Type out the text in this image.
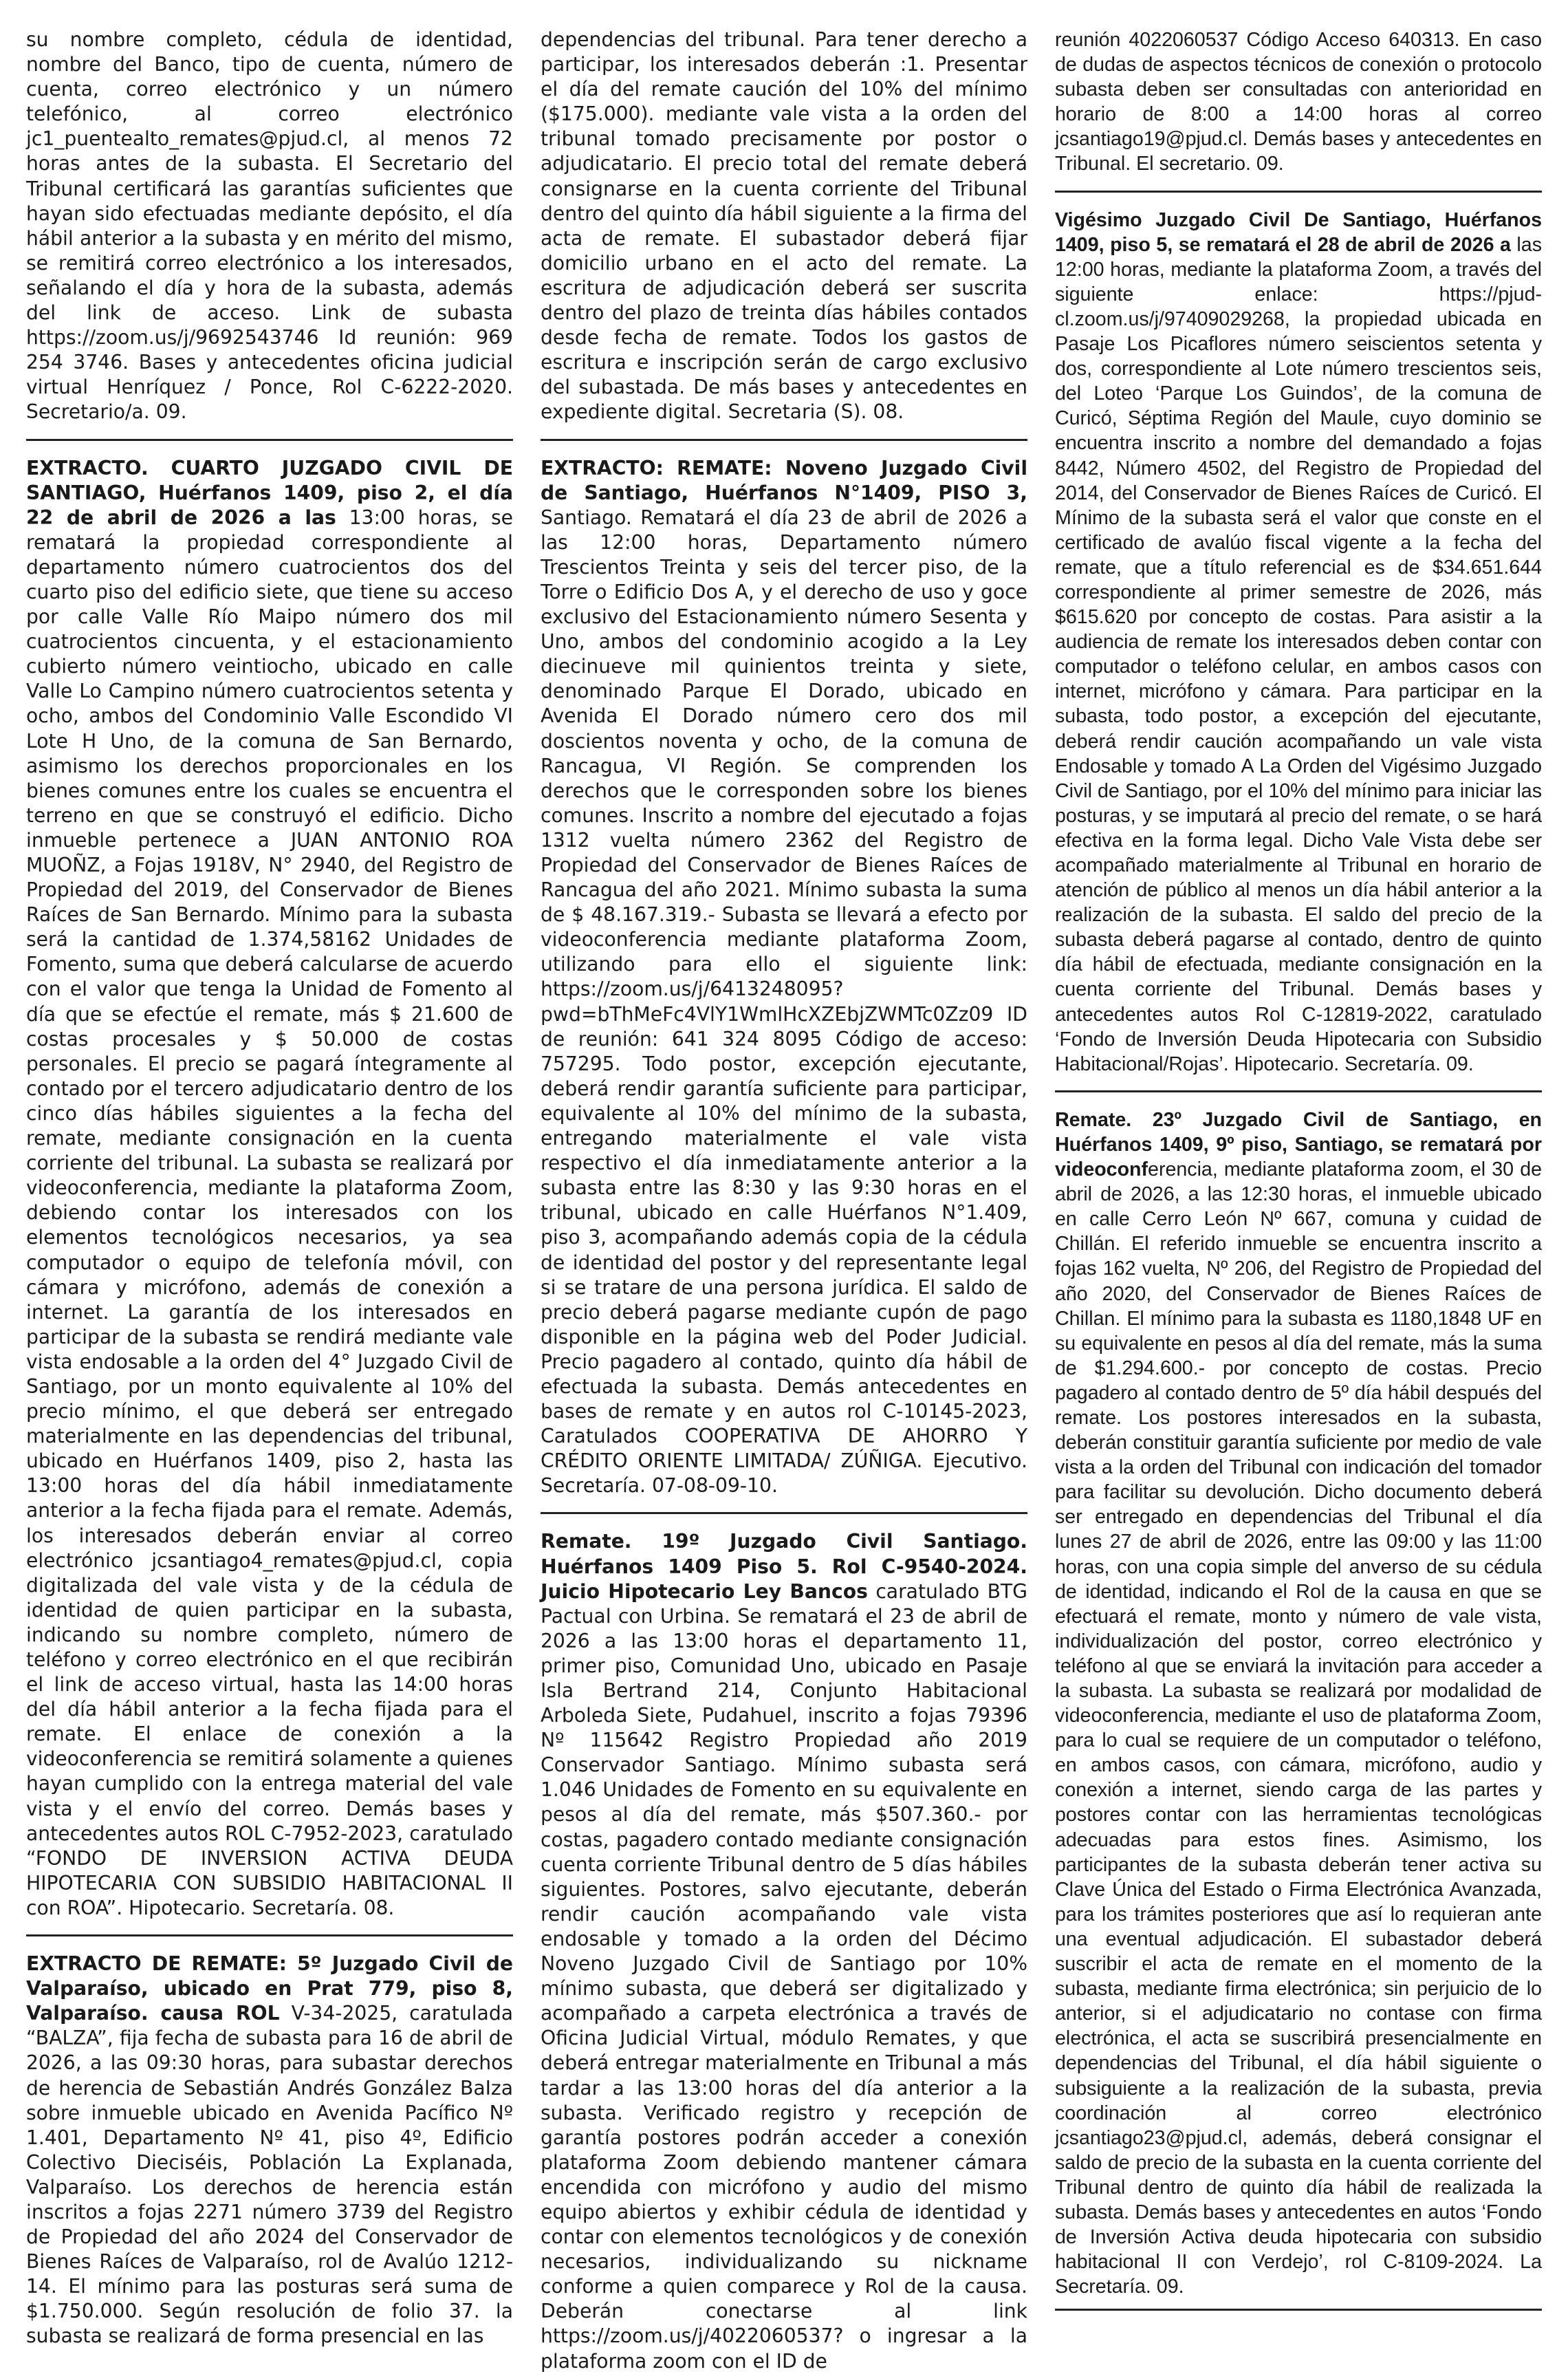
su nombre completo, cédula de identidad, nombre del Banco, tipo de cuenta, número de cuenta, correo electrónico y un número telefónico, al correo electrónico jc1_puentealto_remates@pjud.cl, al menos 72 horas antes de la subasta. El Secretario del Tribunal certificará las garantías suficientes que hayan sido efectuadas mediante depósito, el día hábil anterior a la subasta y en mérito del mismo, se remitirá correo electrónico a los interesados, señalando el día y hora de la subasta, además del link de acceso. Link de subasta https://zoom.us/j/9692543746 Id reunión: 969 254 3746. Bases y antecedentes oficina judicial virtual Henríquez / Ponce, Rol C-6222-2020. Secretario/a. 09.

EXTRACTO. CUARTO JUZGADO CIVIL DE SANTIAGO, Huérfanos 1409, piso 2, el día 22 de abril de 2026 a las 13:00 horas, se rematará la propiedad correspondiente al departamento número cuatrocientos dos del cuarto piso del edificio siete, que tiene su acceso por calle Valle Río Maipo número dos mil cuatrocientos cincuenta, y el estacionamiento cubierto número veintiocho, ubicado en calle Valle Lo Campino número cuatrocientos setenta y ocho, ambos del Condominio Valle Escondido VI Lote H Uno, de la comuna de San Bernardo, asimismo los derechos proporcionales en los bienes comunes entre los cuales se encuentra el terreno en que se construyó el edificio. Dicho inmueble pertenece a JUAN ANTONIO ROA MUOÑZ, a Fojas 1918V, N° 2940, del Registro de Propiedad del 2019, del Conservador de Bienes Raíces de San Bernardo. Mínimo para la subasta será la cantidad de 1.374,58162 Unidades de Fomento, suma que deberá calcularse de acuerdo con el valor que tenga la Unidad de Fomento al día que se efectúe el remate, más $ 21.600 de costas procesales y $ 50.000 de costas personales. El precio se pagará íntegramente al contado por el tercero adjudicatario dentro de los cinco días hábiles siguientes a la fecha del remate, mediante consignación en la cuenta corriente del tribunal. La subasta se realizará por videoconferencia, mediante la plataforma Zoom, debiendo contar los interesados con los elementos tecnológicos necesarios, ya sea computador o equipo de telefonía móvil, con cámara y micrófono, además de conexión a internet. La garantía de los interesados en participar de la subasta se rendirá mediante vale vista endosable a la orden del 4° Juzgado Civil de Santiago, por un monto equivalente al 10% del precio mínimo, el que deberá ser entregado materialmente en las dependencias del tribunal, ubicado en Huérfanos 1409, piso 2, hasta las 13:00 horas del día hábil inmediatamente anterior a la fecha fijada para el remate. Además, los interesados deberán enviar al correo electrónico jcsantiago4_remates@pjud.cl, copia digitalizada del vale vista y de la cédula de identidad de quien participar en la subasta, indicando su nombre completo, número de teléfono y correo electrónico en el que recibirán el link de acceso virtual, hasta las 14:00 horas del día hábil anterior a la fecha fijada para el remate. El enlace de conexión a la videoconferencia se remitirá solamente a quienes hayan cumplido con la entrega material del vale vista y el envío del correo. Demás bases y antecedentes autos ROL C-7952-2023, caratulado “FONDO DE INVERSION ACTIVA DEUDA HIPOTECARIA CON SUBSIDIO HABITACIONAL II con ROA”. Hipotecario. Secretaría. 08.

EXTRACTO DE REMATE: 5º Juzgado Civil de Valparaíso, ubicado en Prat 779, piso 8, Valparaíso. causa ROL V-34-2025, caratulada “BALZA”, fija fecha de subasta para 16 de abril de 2026, a las 09:30 horas, para subastar derechos de herencia de Sebastián Andrés González BaIza sobre inmueble ubicado en Avenida Pacífico Nº 1.401, Departamento Nº 41, piso 4º, Edificio Colectivo Dieciséis, Población La Explanada, Valparaíso. Los derechos de herencia están inscritos a fojas 2271 número 3739 del Registro de Propiedad del año 2024 del Conservador de Bienes Raíces de Valparaíso, rol de Avalúo 1212-14. El mínimo para las posturas será suma de $1.750.000. Según resolución de folio 37. la subasta se realizará de forma presencial en las

dependencias del tribunal. Para tener derecho a participar, los interesados deberán :1. Presentar el día del remate caución del 10% del mínimo ($175.000). mediante vale vista a la orden del tribunal tomado precisamente por postor o adjudicatario. El precio total del remate deberá consignarse en la cuenta corriente del Tribunal dentro del quinto día hábil siguiente a la firma del acta de remate. El subastador deberá fijar domicilio urbano en el acto del remate. La escritura de adjudicación deberá ser suscrita dentro del plazo de treinta días hábiles contados desde fecha de remate. Todos los gastos de escritura e inscripción serán de cargo exclusivo del subastada. De más bases y antecedentes en expediente digital. Secretaria (S). 08.

EXTRACTO: REMATE: Noveno Juzgado Civil de Santiago, Huérfanos N°1409, PISO 3, Santiago. Rematará el día 23 de abril de 2026 a las 12:00 horas, Departamento número Trescientos Treinta y seis del tercer piso, de la Torre o Edificio Dos A, y el derecho de uso y goce exclusivo del Estacionamiento número Sesenta y Uno, ambos del condominio acogido a la Ley diecinueve mil quinientos treinta y siete, denominado Parque El Dorado, ubicado en Avenida El Dorado número cero dos mil doscientos noventa y ocho, de la comuna de Rancagua, VI Región. Se comprenden los derechos que le corresponden sobre los bienes comunes. Inscrito a nombre del ejecutado a fojas 1312 vuelta número 2362 del Registro de Propiedad del Conservador de Bienes Raíces de Rancagua del año 2021. Mínimo subasta la suma de $ 48.167.319.- Subasta se llevará a efecto por videoconferencia mediante plataforma Zoom, utilizando para ello el siguiente link: https://zoom.us/j/6413248095?pwd=bThMeFc4VlY1WmlHcXZEbjZWMTc0Zz09 ID de reunión: 641 324 8095 Código de acceso: 757295. Todo postor, excepción ejecutante, deberá rendir garantía suficiente para participar, equivalente al 10% del mínimo de la subasta, entregando materialmente el vale vista respectivo el día inmediatamente anterior a la subasta entre las 8:30 y las 9:30 horas en el tribunal, ubicado en calle Huérfanos N°1.409, piso 3, acompañando además copia de la cédula de identidad del postor y del representante legal si se tratare de una persona jurídica. El saldo de precio deberá pagarse mediante cupón de pago disponible en la página web del Poder Judicial. Precio pagadero al contado, quinto día hábil de efectuada la subasta. Demás antecedentes en bases de remate y en autos rol C-10145-2023, Caratulados COOPERATIVA DE AHORRO Y CRÉDITO ORIENTE LIMITADA/ ZÚÑIGA. Ejecutivo. Secretaría. 07-08-09-10.

Remate. 19º Juzgado Civil Santiago. Huérfanos 1409 Piso 5. Rol C-9540-2024. Juicio Hipotecario Ley Bancos caratulado BTG Pactual con Urbina. Se rematará el 23 de abril de 2026 a las 13:00 horas el departamento 11, primer piso, Comunidad Uno, ubicado en Pasaje Isla Bertrand 214, Conjunto Habitacional Arboleda Siete, Pudahuel, inscrito a fojas 79396 Nº 115642 Registro Propiedad año 2019 Conservador Santiago. Mínimo subasta será 1.046 Unidades de Fomento en su equivalente en pesos al día del remate, más $507.360.- por costas, pagadero contado mediante consignación cuenta corriente Tribunal dentro de 5 días hábiles siguientes. Postores, salvo ejecutante, deberán rendir caución acompañando vale vista endosable y tomado a la orden del Décimo Noveno Juzgado Civil de Santiago por 10% mínimo subasta, que deberá ser digitalizado y acompañado a carpeta electrónica a través de Oficina Judicial Virtual, módulo Remates, y que deberá entregar materialmente en Tribunal a más tardar a las 13:00 horas del día anterior a la subasta. Verificado registro y recepción de garantía postores podrán acceder a conexión plataforma Zoom debiendo mantener cámara encendida con micrófono y audio del mismo equipo abiertos y exhibir cédula de identidad y contar con elementos tecnológicos y de conexión necesarios, individualizando su nickname conforme a quien comparece y Rol de la causa. Deberán conectarse al link https://zoom.us/j/4022060537? o ingresar a la plataforma zoom con el ID de

reunión 4022060537 Código Acceso 640313. En caso de dudas de aspectos técnicos de conexión o protocolo subasta deben ser consultadas con anterioridad en horario de 8:00 a 14:00 horas al correo jcsantiago19@pjud.cl. Demás bases y antecedentes en Tribunal. El secretario. 09.

Vigésimo Juzgado Civil De Santiago, Huérfanos 1409, piso 5, se rematará el 28 de abril de 2026 a las 12:00 horas, mediante la plataforma Zoom, a través del siguiente enlace: https://pjud-cl.zoom.us/j/97409029268, la propiedad ubicada en Pasaje Los Picaflores número seiscientos setenta y dos, correspondiente al Lote número trescientos seis, del Loteo ‘Parque Los Guindos’, de la comuna de Curicó, Séptima Región del Maule, cuyo dominio se encuentra inscrito a nombre del demandado a fojas 8442, Número 4502, del Registro de Propiedad del 2014, del Conservador de Bienes Raíces de Curicó. El Mínimo de la subasta será el valor que conste en el certificado de avalúo fiscal vigente a la fecha del remate, que a título referencial es de $34.651.644 correspondiente al primer semestre de 2026, más $615.620 por concepto de costas. Para asistir a la audiencia de remate los interesados deben contar con computador o teléfono celular, en ambos casos con internet, micrófono y cámara. Para participar en la subasta, todo postor, a excepción del ejecutante, deberá rendir caución acompañando un vale vista Endosable y tomado A La Orden del Vigésimo Juzgado Civil de Santiago, por el 10% del mínimo para iniciar las posturas, y se imputará al precio del remate, o se hará efectiva en la forma legal. Dicho Vale Vista debe ser acompañado materialmente al Tribunal en horario de atención de público al menos un día hábil anterior a la realización de la subasta. El saldo del precio de la subasta deberá pagarse al contado, dentro de quinto día hábil de efectuada, mediante consignación en la cuenta corriente del Tribunal. Demás bases y antecedentes autos Rol C-12819-2022, caratulado ‘Fondo de Inversión Deuda Hipotecaria con Subsidio Habitacional/Rojas’. Hipotecario. Secretaría. 09.

Remate. 23º Juzgado Civil de Santiago, en Huérfanos 1409, 9º piso, Santiago, se rematará por videoconferencia, mediante plataforma zoom, el 30 de abril de 2026, a las 12:30 horas, el inmueble ubicado en calle Cerro León Nº 667, comuna y cuidad de Chillán. El referido inmueble se encuentra inscrito a fojas 162 vuelta, Nº 206, del Registro de Propiedad del año 2020, del Conservador de Bienes Raíces de Chillan. El mínimo para la subasta es 1180,1848 UF en su equivalente en pesos al día del remate, más la suma de $1.294.600.- por concepto de costas. Precio pagadero al contado dentro de 5º día hábil después del remate. Los postores interesados en la subasta, deberán constituir garantía suficiente por medio de vale vista a la orden del Tribunal con indicación del tomador para facilitar su devolución. Dicho documento deberá ser entregado en dependencias del Tribunal el día lunes 27 de abril de 2026, entre las 09:00 y las 11:00 horas, con una copia simple del anverso de su cédula de identidad, indicando el Rol de la causa en que se efectuará el remate, monto y número de vale vista, individualización del postor, correo electrónico y teléfono al que se enviará la invitación para acceder a la subasta. La subasta se realizará por modalidad de videoconferencia, mediante el uso de plataforma Zoom, para lo cual se requiere de un computador o teléfono, en ambos casos, con cámara, micrófono, audio y conexión a internet, siendo carga de las partes y postores contar con las herramientas tecnológicas adecuadas para estos fines. Asimismo, los participantes de la subasta deberán tener activa su Clave Única del Estado o Firma Electrónica Avanzada, para los trámites posteriores que así lo requieran ante una eventual adjudicación. El subastador deberá suscribir el acta de remate en el momento de la subasta, mediante firma electrónica; sin perjuicio de lo anterior, si el adjudicatario no contase con firma electrónica, el acta se suscribirá presencialmente en dependencias del Tribunal, el día hábil siguiente o subsiguiente a la realización de la subasta, previa coordinación al correo electrónico jcsantiago23@pjud.cl, además, deberá consignar el saldo de precio de la subasta en la cuenta corriente del Tribunal dentro de quinto día hábil de realizada la subasta. Demás bases y antecedentes en autos ‘Fondo de Inversión Activa deuda hipotecaria con subsidio habitacional II con Verdejo’, rol C-8109-2024. La Secretaría. 09.
